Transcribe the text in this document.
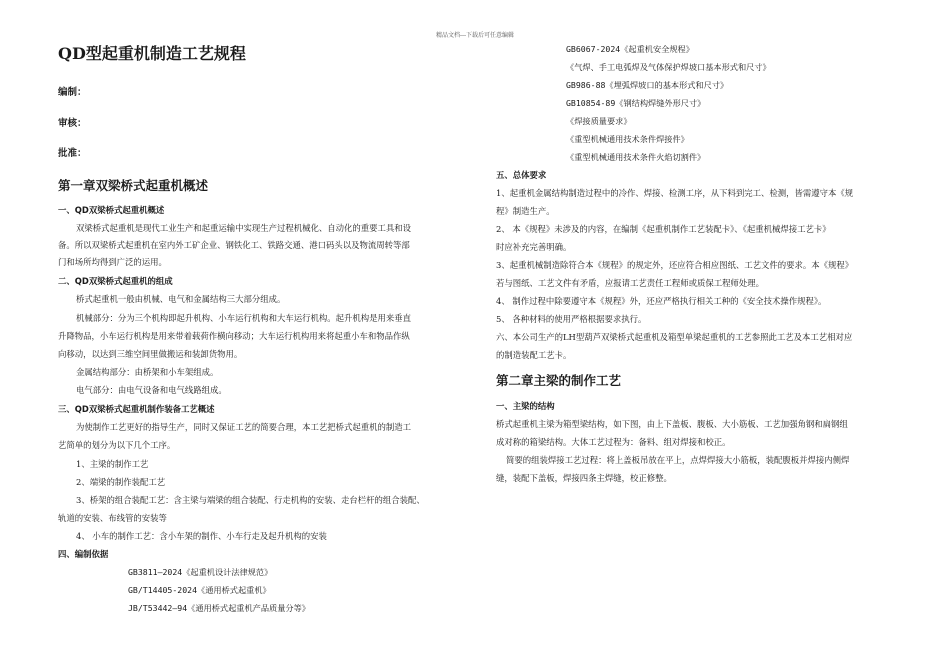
精品文档---下载后可任意编辑
QD型起重机制造工艺规程
编制：
审核：
批准：
第一章双梁桥式起重机概述
一、QD双梁桥式起重机概述
双梁桥式起重机是现代工业生产和起重运输中实现生产过程机械化、自动化的重要工具和设
备。所以双梁桥式起重机在室内外工矿企业、钢铁化工、铁路交通、港口码头以及物流周转等部
门和场所均得到广泛的运用。
二、QD双梁桥式起重机的组成
桥式起重机一般由机械、电气和金属结构三大部分组成。
机械部分：分为三个机构即起升机构、小车运行机构和大车运行机构。起升机构是用来垂直
升降物品，小车运行机构是用来带着载荷作横向移动；大车运行机构用来将起重小车和物品作纵
向移动，以达到三维空间里做搬运和装卸货物用。
金属结构部分：由桥架和小车架组成。
电气部分：由电气设备和电气线路组成。
三、QD双梁桥式起重机制作装备工艺概述
为使制作工艺更好的指导生产，同时又保证工艺的简要合理，本工艺把桥式起重机的制造工
艺简单的划分为以下几个工序。
1、主梁的制作工艺
2、端梁的制作装配工艺
3、桥架的组合装配工艺：含主梁与端梁的组合装配、行走机构的安装、走台栏杆的组合装配、
轨道的安装、布线管的安装等
4、 小车的制作工艺：含小车架的制作、小车行走及起升机构的安装
四、编制依据
GB3811—2024《起重机设计法律规范》
GB/T14405-2024《通用桥式起重机》
JB/T53442—94《通用桥式起重机产品质量分等》
GB6067-2024《起重机安全规程》
《气焊、手工电弧焊及气体保护焊坡口基本形式和尺寸》
GB986-88《埋弧焊坡口的基本形式和尺寸》
GB10854-89《钢结构焊缝外形尺寸》
《焊接质量要求》
《重型机械通用技术条件焊接件》
《重型机械通用技术条件火焰切割件》
五、总体要求
1、起重机金属结构制造过程中的冷作、焊接、检测工序，从下料到完工、检测，皆需遵守本《规
程》制造生产。
2、 本《规程》未涉及的内容，在编制《起重机制作工艺装配卡》、《起重机械焊接工艺卡》
时应补充完善明确。
3、起重机械制造除符合本《规程》的规定外，还应符合相应图纸、工艺文件的要求。本《规程》
若与图纸、工艺文件有矛盾，应报请工艺责任工程师或质保工程师处理。
4、 制作过程中除要遵守本《规程》外，还应严格执行相关工种的《安全技术操作规程》。
5、 各种材料的使用严格根据要求执行。
六、本公司生产的LH型葫芦双梁桥式起重机及箱型单梁起重机的工艺参照此工艺及本工艺相对应
的制造装配工艺卡。
第二章主梁的制作工艺
一、主梁的结构
桥式起重机主梁为箱型梁结构，如下图，由上下盖板、腹板、大小筋板、工艺加强角钢和扁钢组
成对称的箱梁结构。大体工艺过程为：备料、组对焊接和校正。
简要的组装焊接工艺过程：将上盖板吊放在平上，点焊焊接大小筋板，装配腹板并焊接内侧焊
缝，装配下盖板，焊接四条主焊缝，校正修整。
